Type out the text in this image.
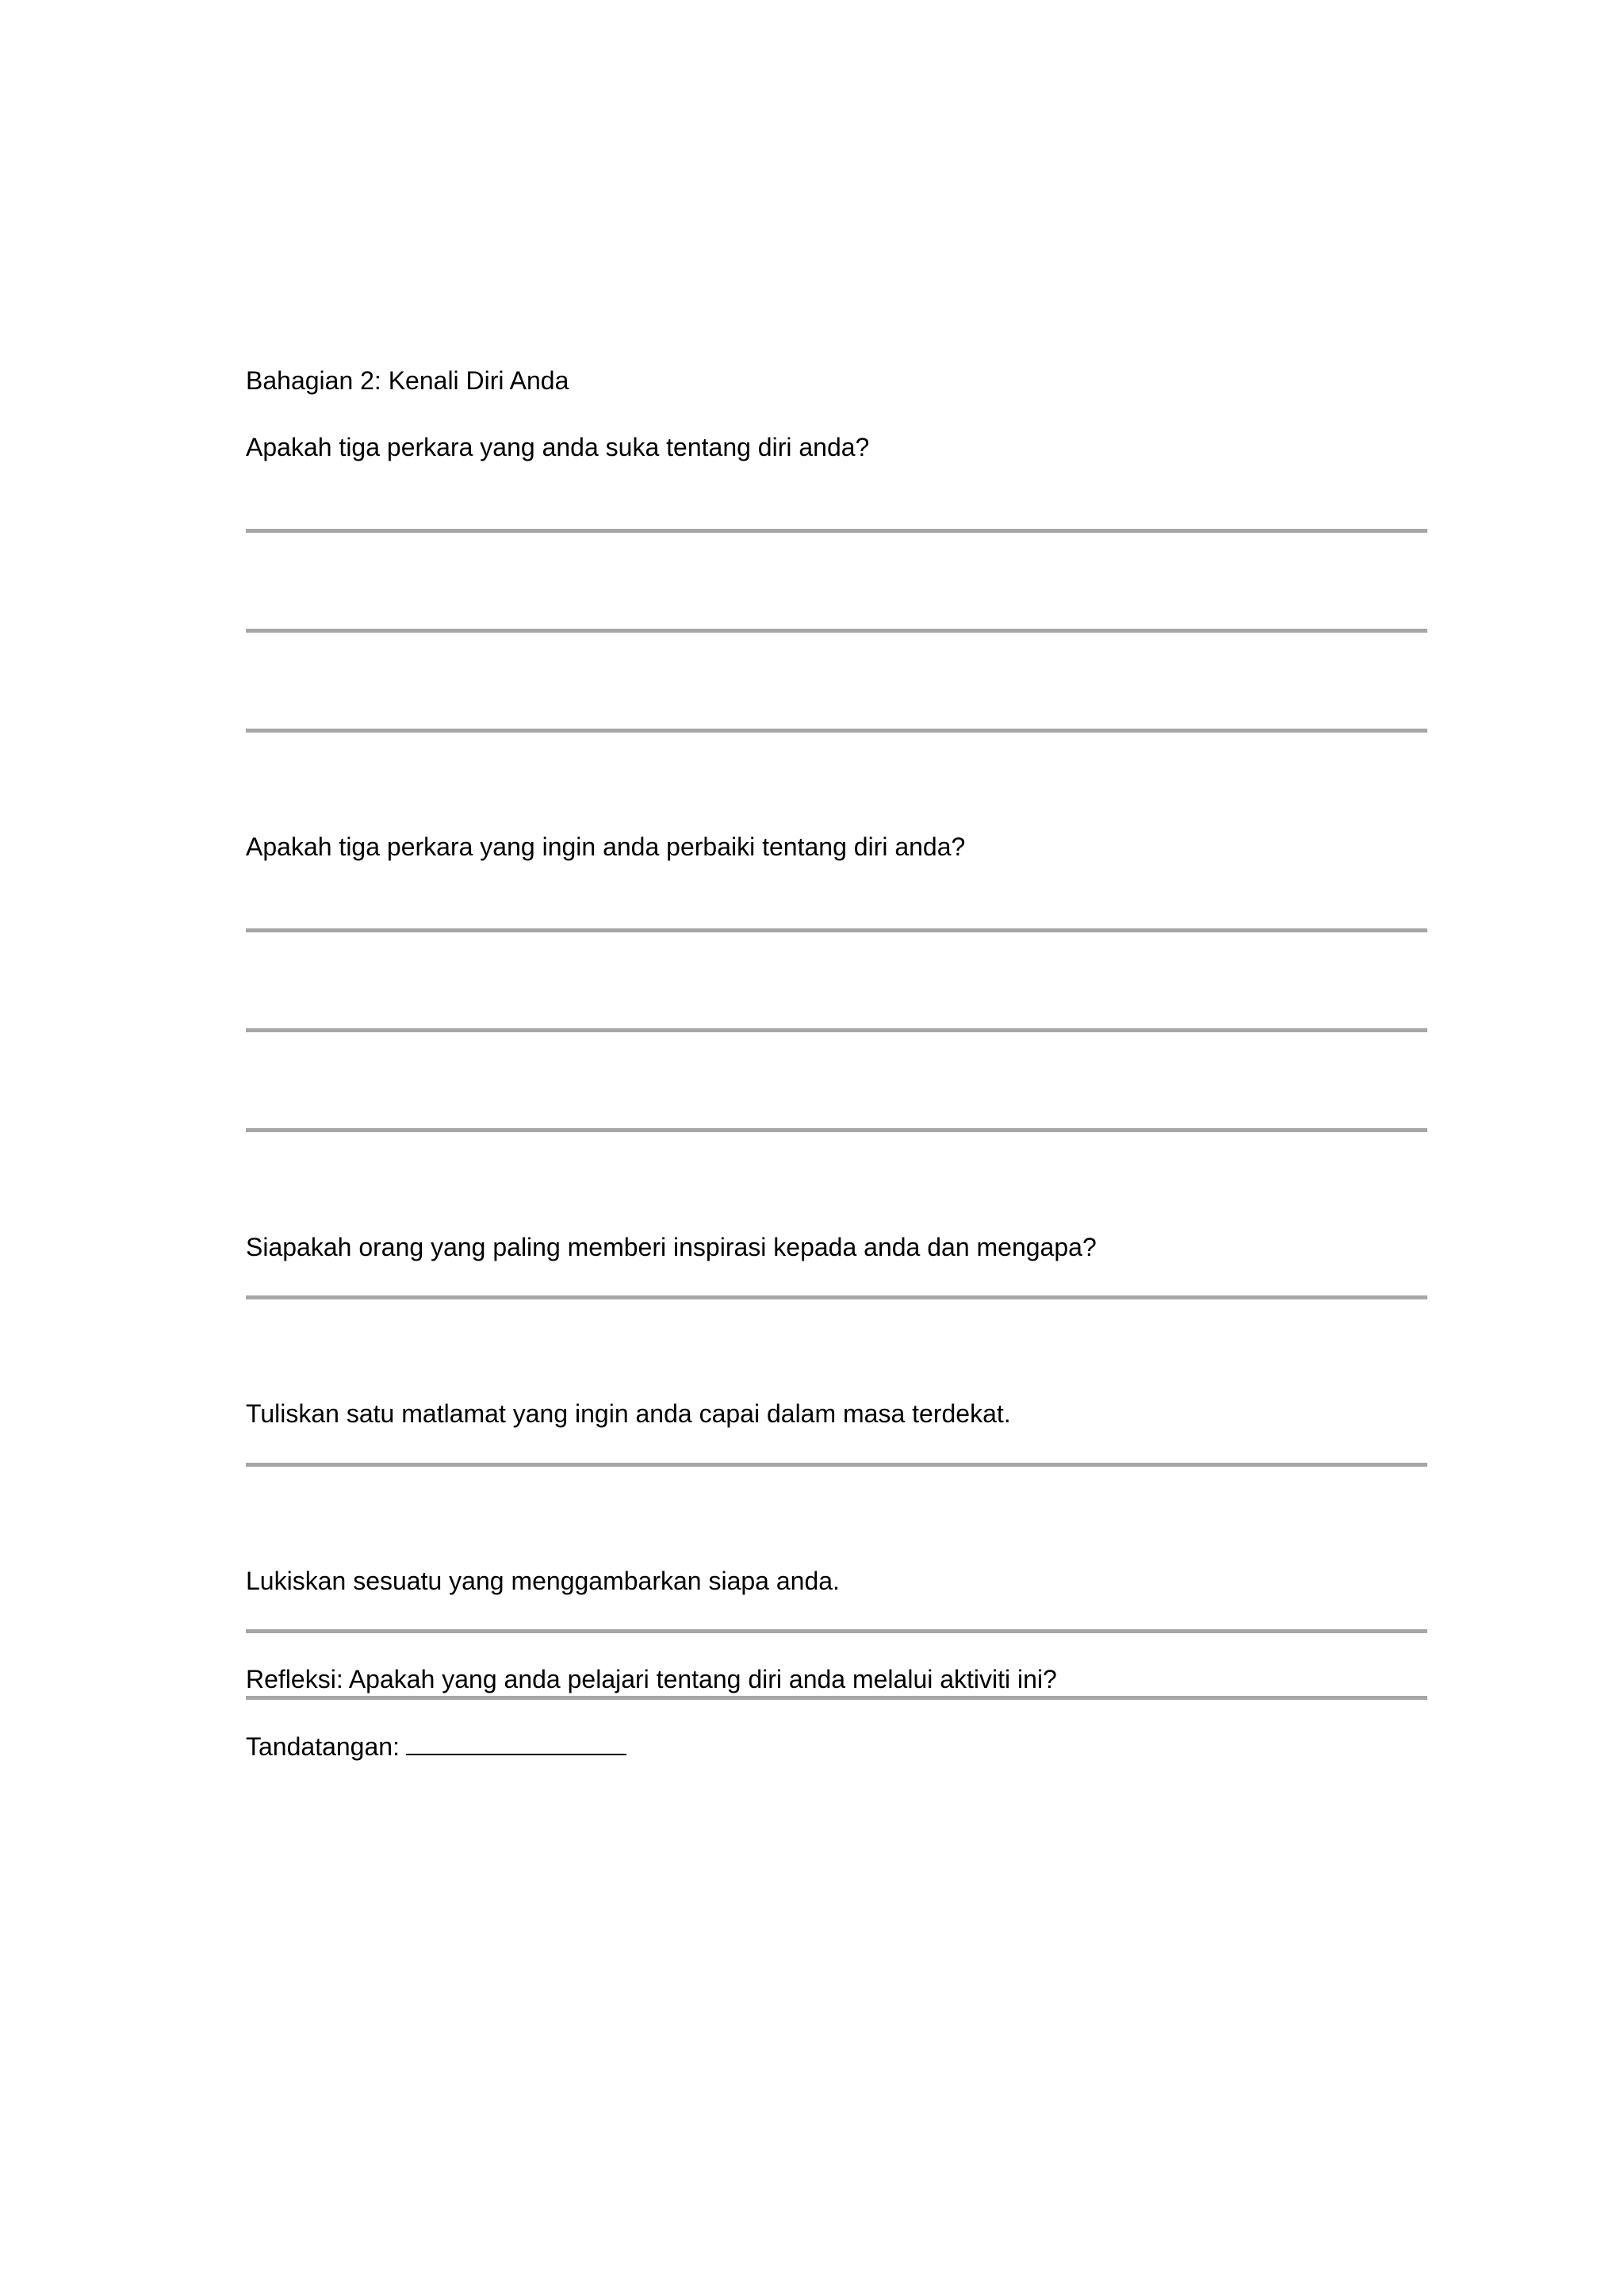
Bahagian 2: Kenali Diri Anda
Apakah tiga perkara yang anda suka tentang diri anda?
Apakah tiga perkara yang ingin anda perbaiki tentang diri anda?
Siapakah orang yang paling memberi inspirasi kepada anda dan mengapa?
Tuliskan satu matlamat yang ingin anda capai dalam masa terdekat.
Lukiskan sesuatu yang menggambarkan siapa anda.
Refleksi: Apakah yang anda pelajari tentang diri anda melalui aktiviti ini?
Tandatangan:
